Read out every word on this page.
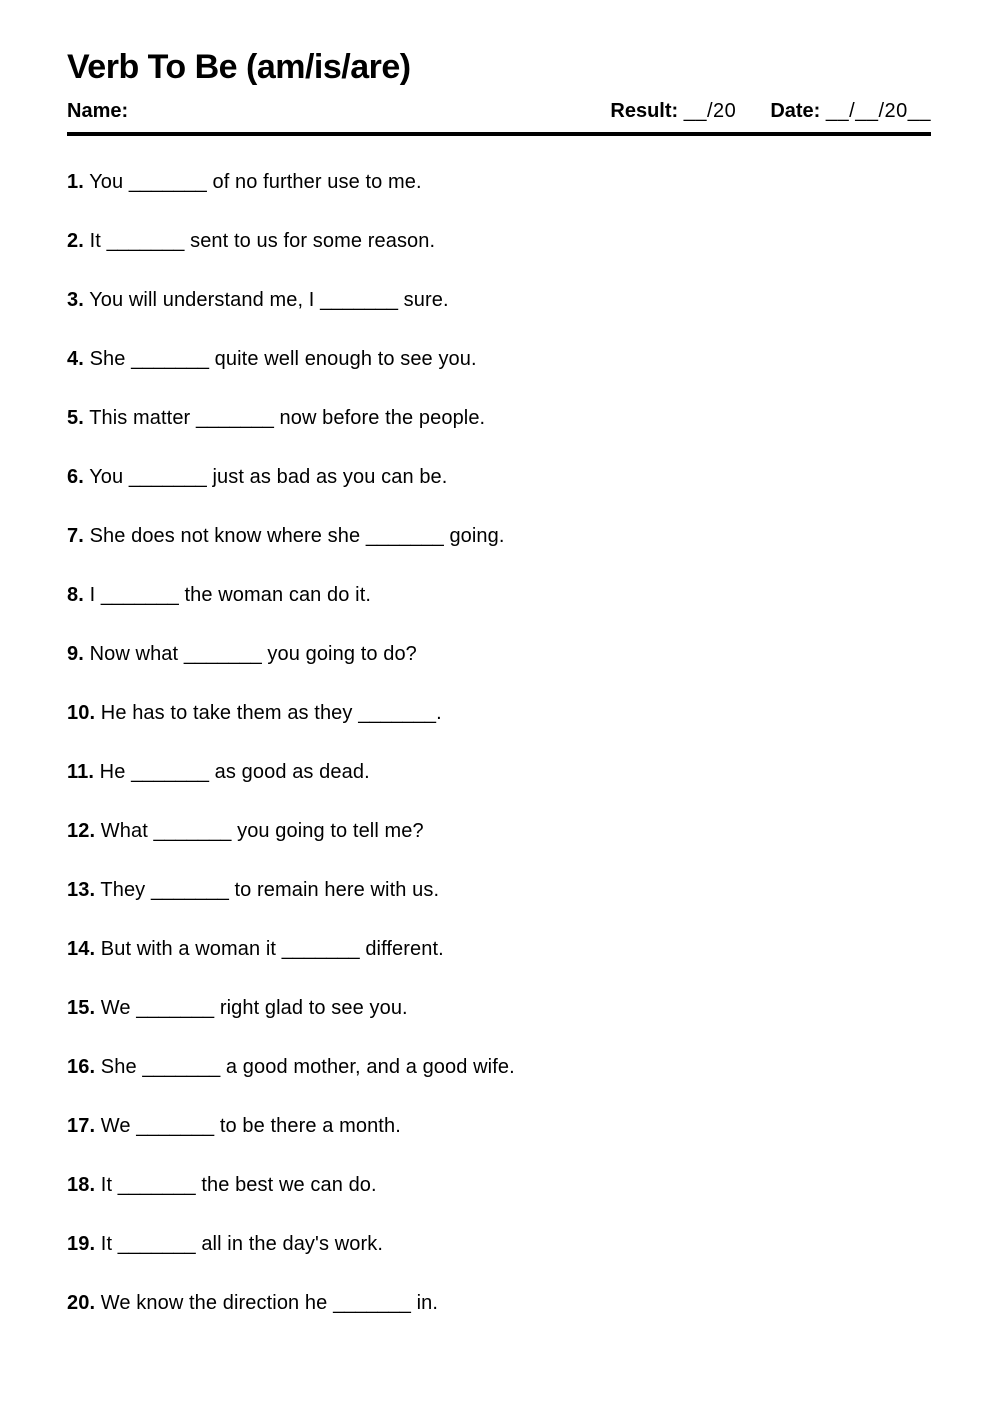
Verb To Be (am/is/are)
Name:	Result: __/20 Date: __/__/20__
1. You _______ of no further use to me.
2. It _______ sent to us for some reason.
3. You will understand me, I _______ sure.
4. She _______ quite well enough to see you.
5. This matter _______ now before the people.
6. You _______ just as bad as you can be.
7. She does not know where she _______ going.
8. I _______ the woman can do it.
9. Now what _______ you going to do?
10. He has to take them as they _______.
11. He _______ as good as dead.
12. What _______ you going to tell me?
13. They _______ to remain here with us.
14. But with a woman it _______ different.
15. We _______ right glad to see you.
16. She _______ a good mother, and a good wife.
17. We _______ to be there a month.
18. It _______ the best we can do.
19. It _______ all in the day's work.
20. We know the direction he _______ in.
